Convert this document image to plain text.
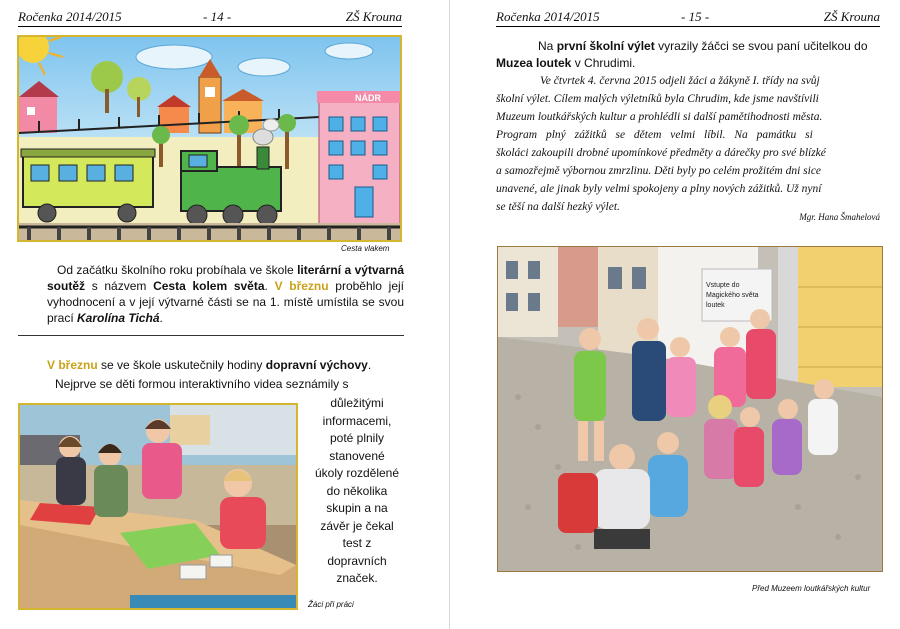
Ročenka 2014/2015	- 14 -	ZŠ Krouna
NÁDR
Cesta vlakem
Od začátku školního roku probíhala ve škole literární a výtvarná soutěž s názvem Cesta kolem světa. V březnu proběhlo její vyhodnocení a v její výtvarné části se na 1. místě umístila se svou prací Karolína Tichá.
V březnu se ve škole uskutečnily hodiny dopravní výchovy.
Nejprve se děti formou interaktivního videa seznámily s
důležitými
informacemi,
poté plnily
stanovené
úkoly rozdělené
do několika
skupin a na
závěr je čekal
test z
dopravních
značek.
Žáci při práci
Ročenka 2014/2015	- 15 -	ZŠ Krouna
Na první školní výlet vyrazily žáčci se svou paní učitelkou do Muzea loutek v Chrudimi.
Ve čtvrtek 4. června 2015 odjeli žáci a žákyně I. třídy na svůj
školní výlet. Cílem malých výletníků byla Chrudim, kde jsme navštívili
Muzeum loutkářských kultur a prohlédli si další pamětihodnosti města.
Program plný zážitků se dětem velmi líbil. Na památku si
školáci zakoupili drobné upomínkové předměty a dárečky pro své blízké
a samozřejmě výbornou zmrzlinu. Děti byly po celém prožitém dni sice
unavené, ale jinak byly velmi spokojeny a plny nových zážitků. Už nyní
se těší na další hezký výlet.
Mgr. Hana Šmahelová
Vstupte do
Magického světa
loutek
Před Muzeem loutkářských kultur
